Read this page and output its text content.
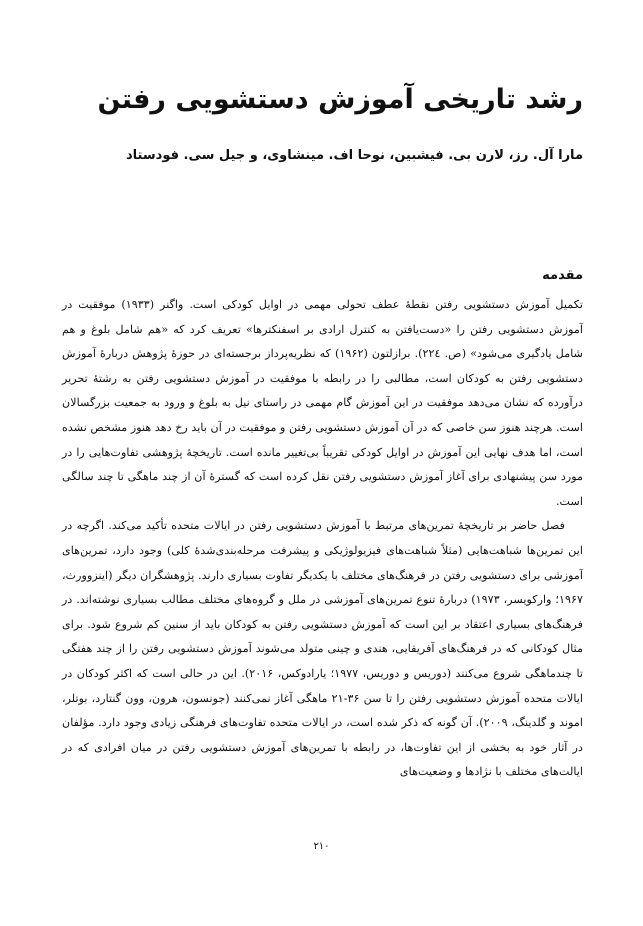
رشد تاریخی آموزش دستشویی رفتن

مارا آل. رز، لارن بی. فیشبین، نوحا اف. مینشاوی، و جیل سی. فودستاد

مقدمه

تکمیل آموزش دستشویی رفتن نقطهٔ عطف تحولی مهمی در اوایل کودکی است. واگنر (۱۹۳۳) موفقیت در آموزش دستشویی رفتن را «دست‌یافتن به کنترل ارادی بر اسفنکترها» تعریف کرد که «هم شامل بلوغ و هم شامل یادگیری می‌شود» (ص. ۲۲٤). برازلتون (۱۹۶۲) که نظریه‌پرداز برجسته‌ای در حوزهٔ پژوهش دربارهٔ آموزش دستشویی رفتن به کودکان است، مطالبی را در رابطه با موفقیت در آموزش دستشویی رفتن به رشتهٔ تحریر درآورده که نشان می‌دهد موفقیت در این آموزش گام مهمی در راستای نیل به بلوغ و ورود به جمعیت بزرگسالان است. هرچند هنوز سن خاصی که در آن آموزش دستشویی رفتن و موفقیت در آن باید رخ دهد هنوز مشخص نشده است، اما هدف نهایی این آموزش در اوایل کودکی تقریباً بی‌تغییر مانده است. تاریخچهٔ پژوهشی تفاوت‌هایی را در مورد سن پیشنهادی برای آغاز آموزش دستشویی رفتن نقل کرده است که گسترهٔ آن از چند ماهگی تا چند سالگی است.

فصل حاضر بر تاریخچهٔ تمرین‌های مرتبط با آموزش دستشویی رفتن در ایالات متحده تأکید می‌کند. اگرچه در این تمرین‌ها شباهت‌هایی (مثلاً شباهت‌های فیزیولوژیکی و پیشرفت مرحله‌بندی‌شدهٔ کلی) وجود دارد، تمرین‌های آموزشی برای دستشویی رفتن در فرهنگ‌های مختلف با یکدیگر تفاوت بسیاری دارند. پژوهشگران دیگر (اینزوورث، ۱۹۶۷؛ وارکویسر، ۱۹۷۳) دربارهٔ تنوع تمرین‌های آموزشی در ملل و گروه‌های مختلف مطالب بسیاری نوشته‌اند. در فرهنگ‌های بسیاری اعتقاد بر این است که آموزش دستشویی رفتن به کودکان باید از سنین کم شروع شود. برای مثال کودکانی که در فرهنگ‌های آفریقایی، هندی و چینی متولد می‌شوند آموزش دستشویی رفتن را از چند هفتگی تا چندماهگی شروع می‌کنند (دوریس و دوریس، ۱۹۷۷؛ یارادوکس، ۲۰۱۶). این در حالی است که اکثر کودکان در ایالات متحده آموزش دستشویی رفتن را تا سن ۳۶-۲۱ ماهگی آغاز نمی‌کنند (جونسون، هرون، وون گنتارد، بوتلر، اموند و گلدینگ، ۲۰۰۹). آن گونه که ذکر شده است، در ایالات متحده تفاوت‌های فرهنگی زیادی وجود دارد. مؤلفان در آثار خود به بخشی از این تفاوت‌ها، در رابطه با تمرین‌های آموزش دستشویی رفتن در میان افرادی که در ایالت‌های مختلف با نژادها و وضعیت‌های

۲۱۰
